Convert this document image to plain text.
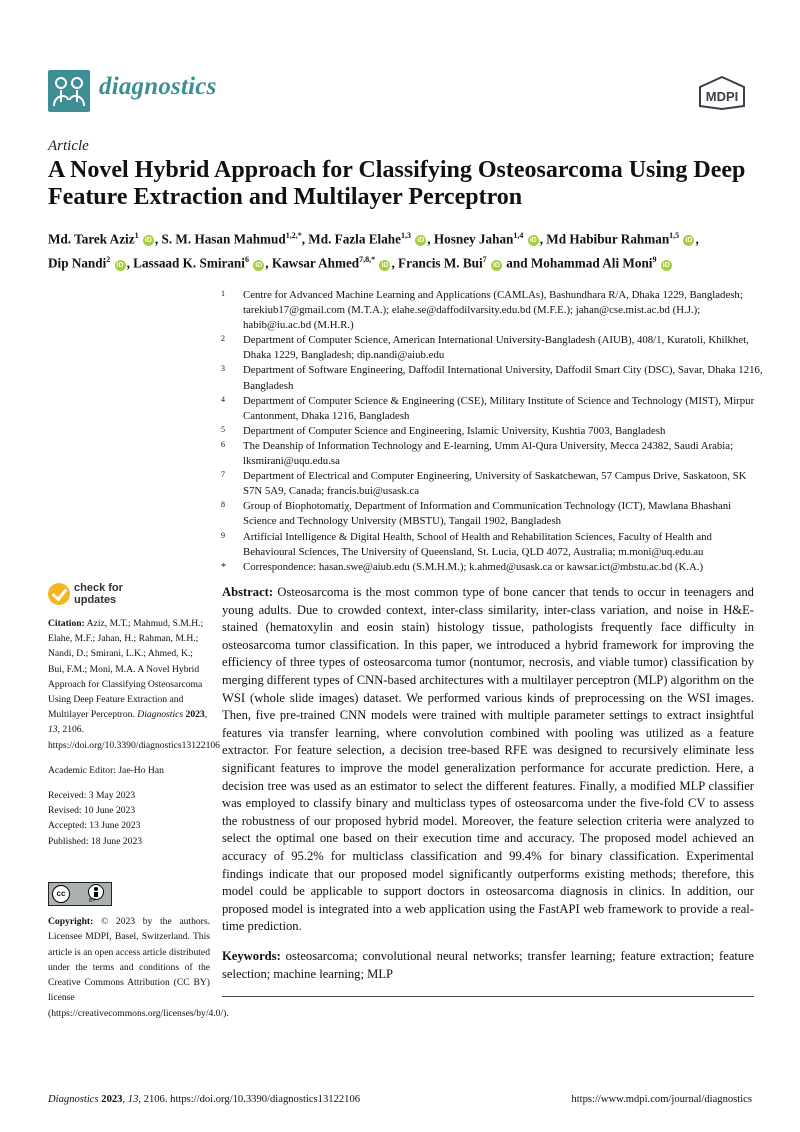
diagnostics	MDPI
Article
A Novel Hybrid Approach for Classifying Osteosarcoma Using Deep Feature Extraction and Multilayer Perceptron
Md. Tarek Aziz$^1$ iD , S. M. Hasan Mahmud$^{1,2,*}$, Md. Fazla Elahe$^{1,3}$ iD , Hosney Jahan$^{1,4}$ iD , Md Habibur Rahman$^{1,5}$ iD ,
Dip Nandi$^2$ iD , Lassaad K. Smirani$^6$ iD , Kawsar Ahmed$^{7,8,*}$ iD , Francis M. Bui$^7$ iD and Mohammad Ali Moni$^9$ iD
1 Centre for Advanced Machine Learning and Applications (CAMLAs), Bashundhara R/A, Dhaka 1229, Bangladesh; tarekiub17@gmail.com (M.T.A.); elahe.se@daffodilvarsity.edu.bd (M.F.E.); jahan@cse.mist.ac.bd (H.J.); habib@iu.ac.bd (M.H.R.)
2 Department of Computer Science, American International University-Bangladesh (AIUB), 408/1, Kuratoli, Khilkhet, Dhaka 1229, Bangladesh; dip.nandi@aiub.edu
3 Department of Software Engineering, Daffodil International University, Daffodil Smart City (DSC), Savar, Dhaka 1216, Bangladesh
4 Department of Computer Science & Engineering (CSE), Military Institute of Science and Technology (MIST), Mirpur Cantonment, Dhaka 1216, Bangladesh
5 Department of Computer Science and Engineering, Islamic University, Kushtia 7003, Bangladesh
6 The Deanship of Information Technology and E-learning, Umm Al-Qura University, Mecca 24382, Saudi Arabia; lksmirani@uqu.edu.sa
7 Department of Electrical and Computer Engineering, University of Saskatchewan, 57 Campus Drive, Saskatoon, SK S7N 5A9, Canada; francis.bui@usask.ca
8 Group of Biophotomatiχ, Department of Information and Communication Technology (ICT), Mawlana Bhashani Science and Technology University (MBSTU), Tangail 1902, Bangladesh
9 Artificial Intelligence & Digital Health, School of Health and Rehabilitation Sciences, Faculty of Health and Behavioural Sciences, The University of Queensland, St. Lucia, QLD 4072, Australia; m.moni@uq.edu.au
* Correspondence: hasan.swe@aiub.edu (S.M.H.M.); k.ahmed@usask.ca or kawsar.ict@mbstu.ac.bd (K.A.)
check for
updates
Citation: Aziz, M.T.; Mahmud, S.M.H.; Elahe, M.F.; Jahan, H.; Rahman, M.H.; Nandi, D.; Smirani, L.K.; Ahmed, K.; Bui, F.M.; Moni, M.A. A Novel Hybrid Approach for Classifying Osteosarcoma Using Deep Feature Extraction and Multilayer Perceptron. Diagnostics 2023, 13, 2106. https://doi.org/10.3390/diagnostics13122106
Academic Editor: Jae-Ho Han
Received: 3 May 2023
Revised: 10 June 2023
Accepted: 13 June 2023
Published: 18 June 2023
cc
BY
Copyright: © 2023 by the authors. Licensee MDPI, Basel, Switzerland. This article is an open access article distributed under the terms and conditions of the Creative Commons Attribution (CC BY) license (https://creativecommons.org/licenses/by/4.0/).

Abstract: Osteosarcoma is the most common type of bone cancer that tends to occur in teenagers and young adults. Due to crowded context, inter-class similarity, inter-class variation, and noise in H&E-stained (hematoxylin and eosin stain) histology tissue, pathologists frequently face difficulty in osteosarcoma tumor classification. In this paper, we introduced a hybrid framework for improving the efficiency of three types of osteosarcoma tumor (nontumor, necrosis, and viable tumor) classification by merging different types of CNN-based architectures with a multilayer perceptron (MLP) algorithm on the WSI (whole slide images) dataset. We performed various kinds of preprocessing on the WSI images. Then, five pre-trained CNN models were trained with multiple parameter settings to extract insightful features via transfer learning, where convolution combined with pooling was utilized as a feature extractor. For feature selection, a decision tree-based RFE was designed to recursively eliminate less significant features to improve the model generalization performance for accurate prediction. Here, a decision tree was used as an estimator to select the different features. Finally, a modified MLP classifier was employed to classify binary and multiclass types of osteosarcoma under the five-fold CV to assess the robustness of our proposed hybrid model. Moreover, the feature selection criteria were analyzed to select the optimal one based on their execution time and accuracy. The proposed model achieved an accuracy of 95.2% for multiclass classification and 99.4% for binary classification. Experimental findings indicate that our proposed model significantly outperforms existing methods; therefore, this model could be applicable to support doctors in osteosarcoma diagnosis in clinics. In addition, our proposed model is integrated into a web application using the FastAPI web framework to provide a real-time prediction.

Keywords: osteosarcoma; convolutional neural networks; transfer learning; feature extraction; feature selection; machine learning; MLP

Diagnostics 2023, 13, 2106. https://doi.org/10.3390/diagnostics13122106	https://www.mdpi.com/journal/diagnostics
